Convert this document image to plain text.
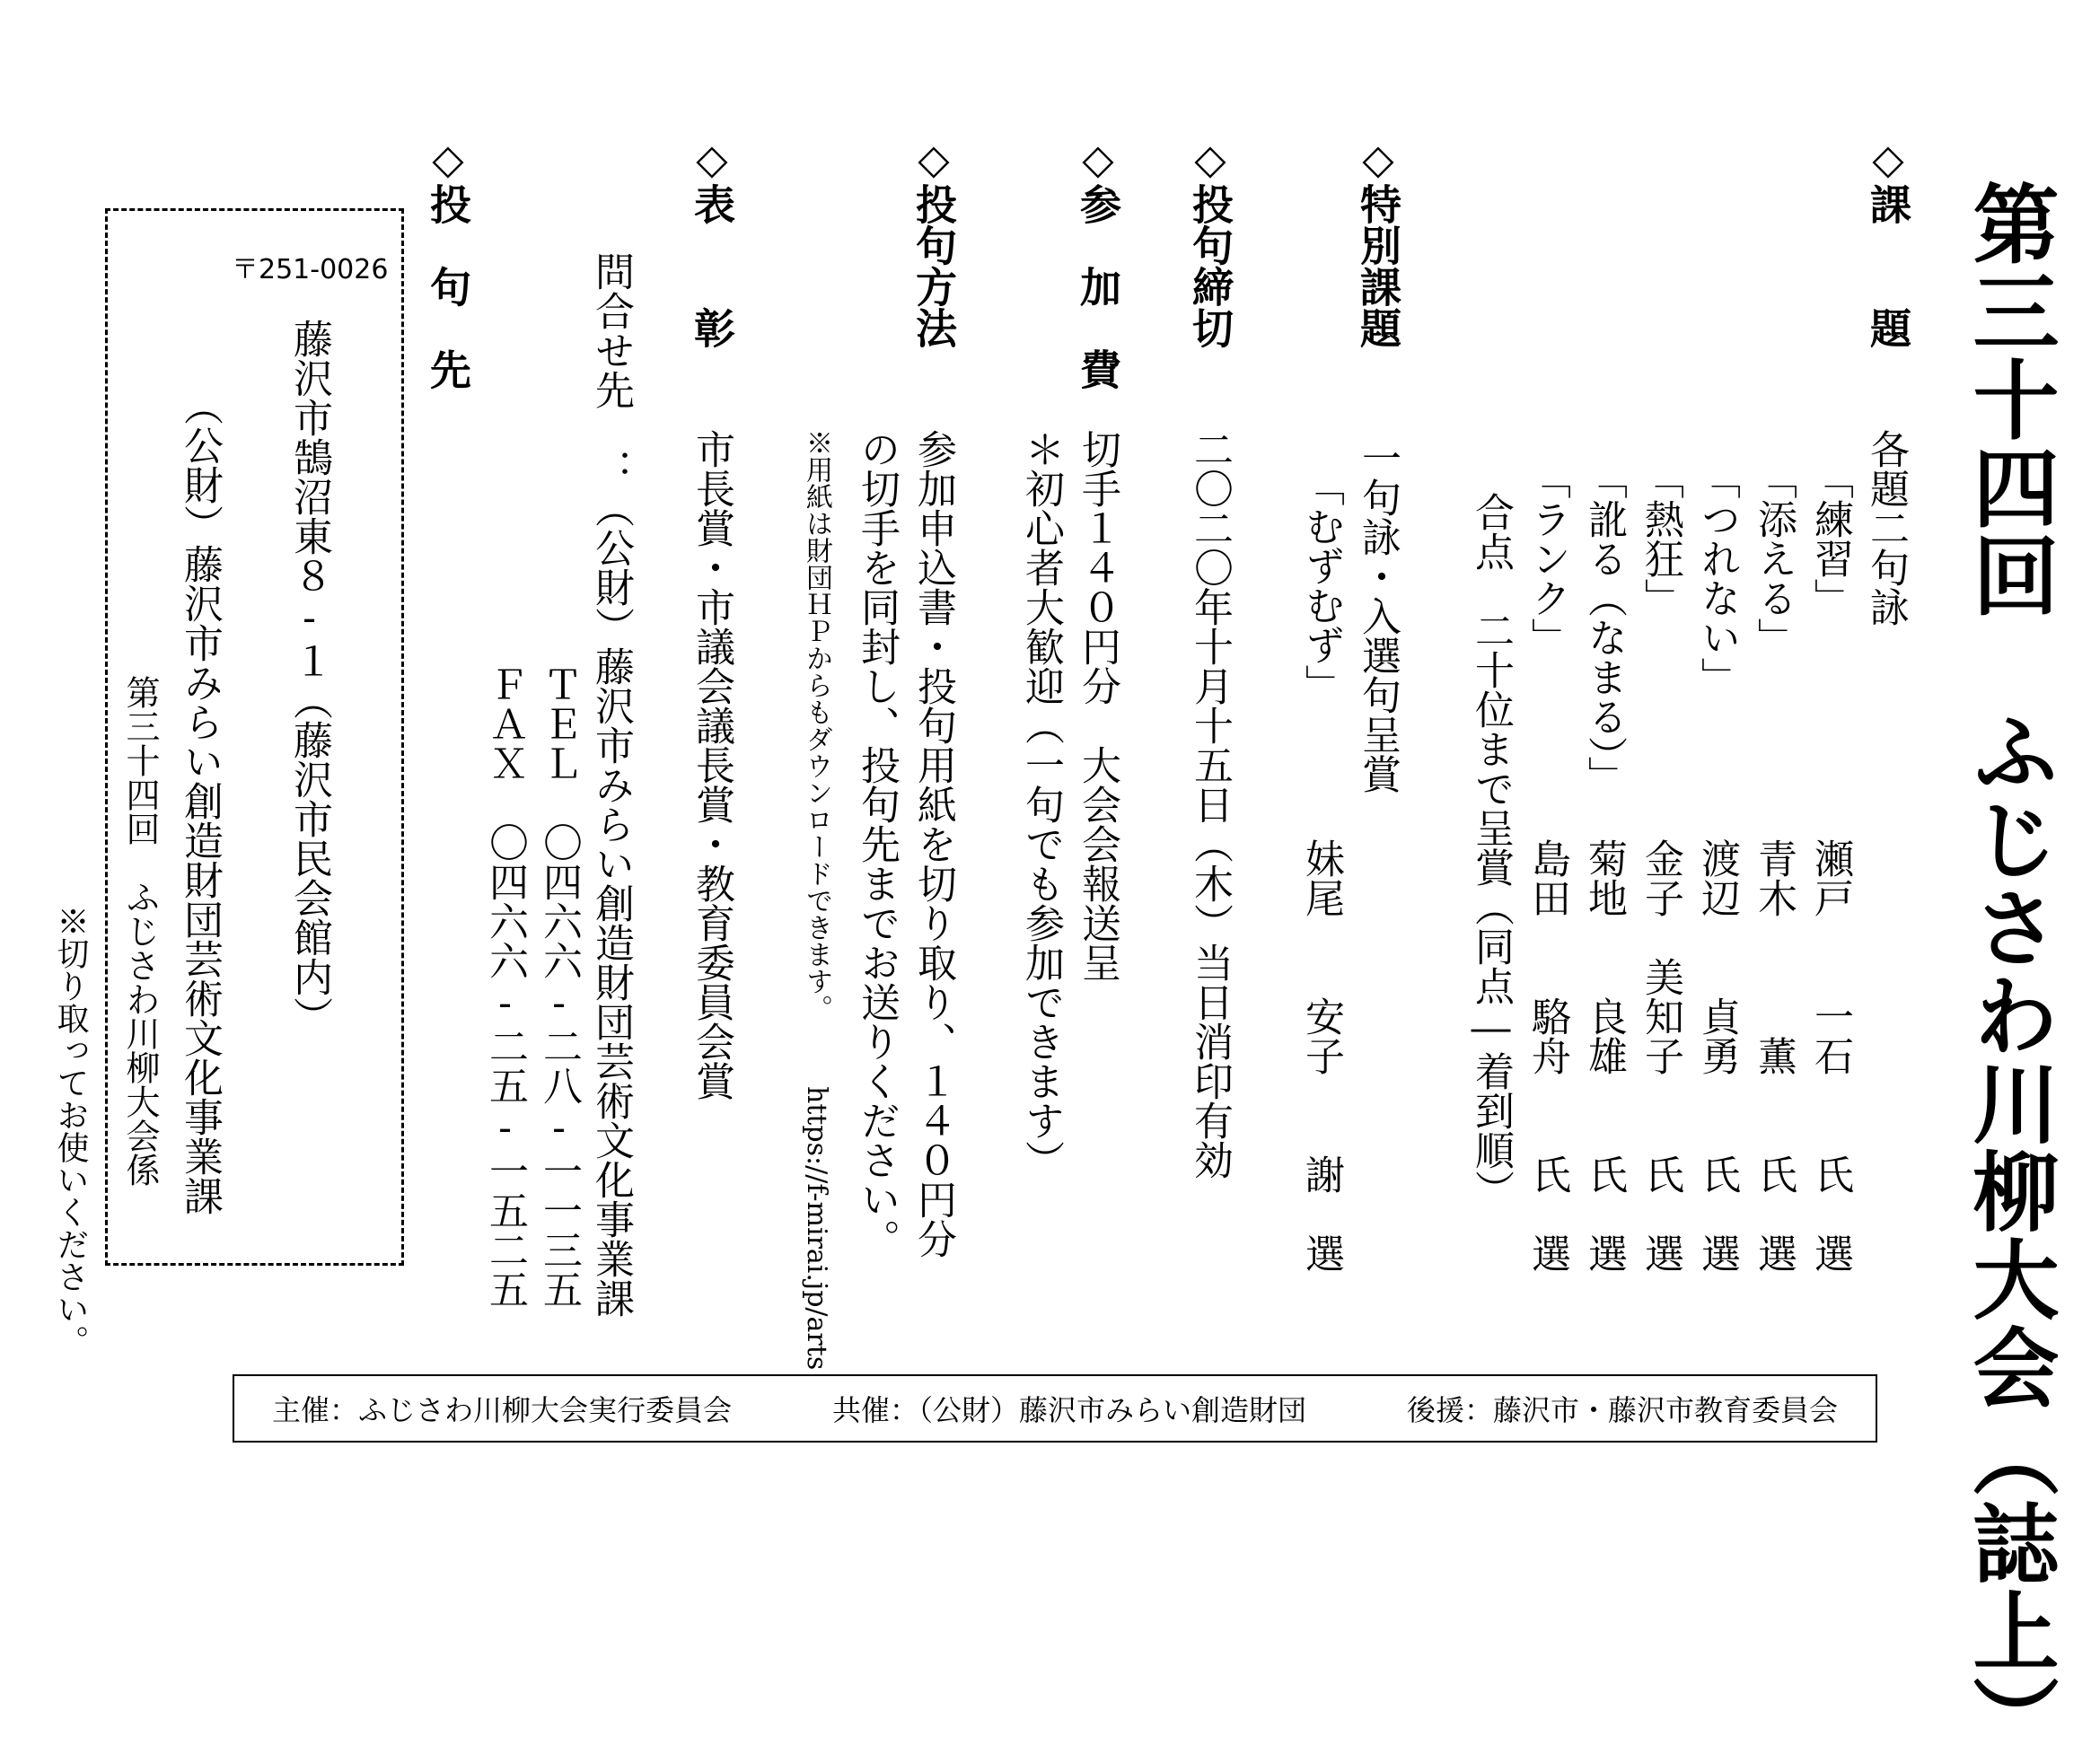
第三十四回　ふじさわ川柳大会（誌上）
◇課　　題
各題二句詠
「練習」
瀬戸　　一石　　氏　選
「添える」
青木　　　薫　　氏　選
「つれない」
渡辺　　貞勇　　氏　選
「熱狂」
金子　美知子　　氏　選
「訛る（なまる）」
菊地　　良雄　　氏　選
「ランク」
島田　　駱舟　　氏　選
合点　二十位まで呈賞（同点―着到順）
◇特別課題
一句詠・入選句呈賞
「むずむず」
妹尾　　安子　　謝　選
◇投句締切
二〇二〇年十月十五日（木）当日消印有効
◇参　加　費
切手１４０円分　大会会報送呈
＊初心者大歓迎（一句でも参加できます）
◇投句方法
参加申込書・投句用紙を切り取り、１４０円分
の切手を同封し、投句先までお送りください。
※用紙は財団ＨＰからもダウンロードできます。
https://f-mirai.jp/arts
◇表　　彰
市長賞・市議会議長賞・教育委員会賞
問合せ先　：（公財）藤沢市みらい創造財団芸術文化事業課
ＴＥＬ　〇四六六‐二八‐一一三五
ＦＡＸ　〇四六六‐二五‐一五二五
◇投　句　先
〒251-0026
藤沢市鵠沼東８‐１（藤沢市民会館内）
（公財）藤沢市みらい創造財団芸術文化事業課
第三十四回　ふじさわ川柳大会係
※切り取ってお使いください。
主催：ふじさわ川柳大会実行委員会	共催：（公財）藤沢市みらい創造財団	後援：藤沢市・藤沢市教育委員会
